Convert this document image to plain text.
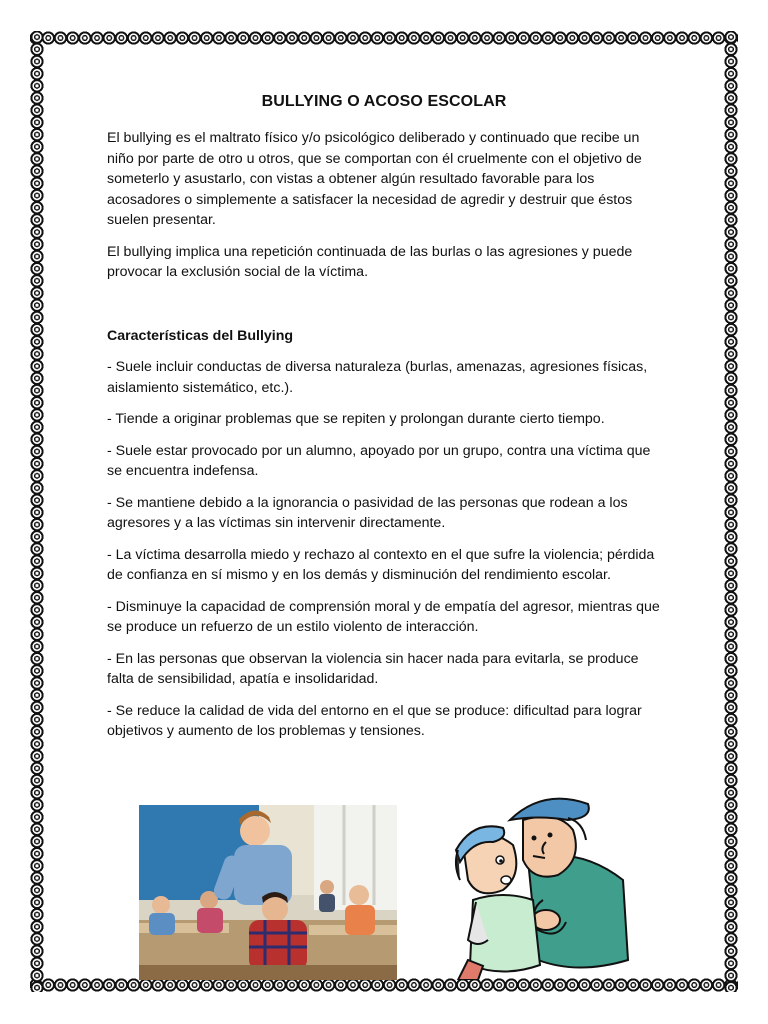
BULLYING O ACOSO ESCOLAR

El bullying es el maltrato físico y/o psicológico deliberado y continuado que recibe un niño por parte de otro u otros, que se comportan con él cruelmente con el objetivo de someterlo y asustarlo, con vistas a obtener algún resultado favorable para los acosadores o simplemente a satisfacer la necesidad de agredir y destruir que éstos suelen presentar.

El bullying implica una repetición continuada de las burlas o las agresiones y puede provocar la exclusión social de la víctima.

Características del Bullying

- Suele incluir conductas de diversa naturaleza (burlas, amenazas, agresiones físicas, aislamiento sistemático, etc.).

- Tiende a originar problemas que se repiten y prolongan durante cierto tiempo.

- Suele estar provocado por un alumno, apoyado por un grupo, contra una víctima que se encuentra indefensa.

- Se mantiene debido a la ignorancia o pasividad de las personas que rodean a los agresores y a las víctimas sin intervenir directamente.

- La víctima desarrolla miedo y rechazo al contexto en el que sufre la violencia; pérdida de confianza en sí mismo y en los demás y disminución del rendimiento escolar.

- Disminuye la capacidad de comprensión moral y de empatía del agresor, mientras que se produce un refuerzo de un estilo violento de interacción.

- En las personas que observan la violencia sin hacer nada para evitarla, se produce falta de sensibilidad, apatía e insolidaridad.

- Se reduce la calidad de vida del entorno en el que se produce: dificultad para lograr objetivos y aumento de los problemas y tensiones.
